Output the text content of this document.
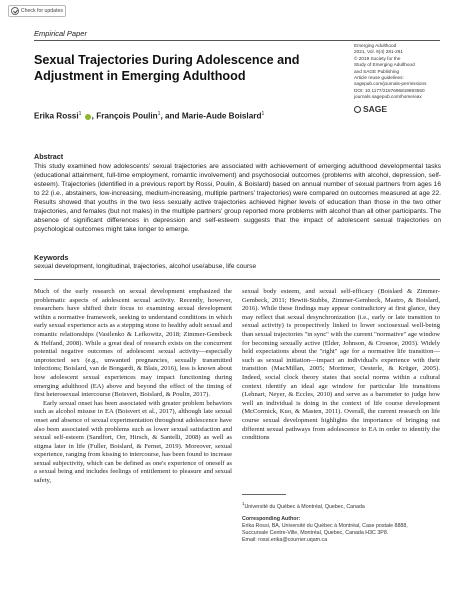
Check for updates
Empirical Paper
Sexual Trajectories During Adolescence and Adjustment in Emerging Adulthood
Emerging Adulthood
2021, Vol. 9(4) 281-291
© 2019 Society for the
Study of Emerging Adulthood
and SAGE Publishing
Article reuse guidelines:
sagepub.com/journals-permissions
DOI: 10.1177/2167696819893550
journals.sagepub.com/home/eax
SAGE
Erika Rossi$^1$ , François Poulin$^1$, and Marie-Aude Boislard$^1$
Abstract
This study examined how adolescents' sexual trajectories are associated with achievement of emerging adulthood developmental tasks (educational attainment, full-time employment, romantic involvement) and psychosocial outcomes (problems with alcohol, depression, self-esteem). Trajectories (identified in a previous report by Rossi, Poulin, & Boislard) based on annual number of sexual partners from ages 16 to 22 (i.e., abstainers, low-increasing, medium-increasing, multiple partners' trajectories) were compared on outcomes measured at age 22. Results showed that youths in the two less sexually active trajectories achieved higher levels of education than those in the two other trajectories, and females (but not males) in the multiple partners' group reported more problems with alcohol than all other participants. The absence of significant differences in depression and self-esteem suggests that the impact of adolescent sexual trajectories on psychological outcomes might take longer to emerge.
Keywords
sexual development, longitudinal, trajectories, alcohol use/abuse, life course

Much of the early research on sexual development emphasized the problematic aspects of adolescent sexual activity. Recently, however, researchers have shifted their focus to examining sexual development within a normative framework, seeking to understand conditions in which early sexual experience acts as a stepping stone to healthy adult sexual and romantic relationships (Vasilenko & Lefkowitz, 2018; Zimmer-Gembeck & Helfand, 2008). While a great deal of research exists on the concurrent potential negative outcomes of adolescent sexual activity—especially unprotected sex (e.g., unwanted pregnancies, sexually transmitted infections; Boislard, van de Bongardt, & Blais, 2016), less is known about how adolescent sexual experiences may impact functioning during emerging adulthood (EA) above and beyond the effect of the timing of first heterosexual intercourse (Boisvert, Boislard, & Poulin, 2017).

Early sexual onset has been associated with greater problem behaviors such as alcohol misuse in EA (Boisvert et al., 2017), although late sexual onset and absence of sexual experimentation throughout adolescence have also been associated with problems such as lower sexual satisfaction and sexual self-esteem (Sandfort, Orr, Hirsch, & Santelli, 2008) as well as stigma later in life (Fuller, Boislard, & Fernet, 2019). Moreover, sexual experience, ranging from kissing to intercourse, has been found to increase sexual subjectivity, which can be defined as one's experience of oneself as a sexual being and includes feelings of entitlement to pleasure and sexual safety,

sexual body esteem, and sexual self-efficacy (Boislard & Zimmer-Gembeck, 2011; Hewitt-Stubbs, Zimmer-Gembeck, Mastro, & Boislard, 2016). While these findings may appear contradictory at first glance, they may reflect that sexual desynchronization (i.e., early or late transition to sexual activity) is prospectively linked to lower sociosexual well-being than sexual trajectories "in sync" with the current "normative" age window for becoming sexually active (Elder, Johnson, & Crosnoe, 2003). Widely held expectations about the "right" age for a normative life transition—such as sexual initiation—impact an individual's experience with their transition (MacMillan, 2005; Mortimer, Oesterle, & Krüger, 2005). Indeed, social clock theory states that social norms within a cultural context identify an ideal age window for particular life transitions (Lehnart, Neyer, & Eccles, 2010) and serve as a barometer to judge how well an individual is doing in the context of life course development (McCormick, Kuo, & Masten, 2011). Overall, the current research on life course sexual development highlights the importance of bringing out different sexual pathways from adolescence to EA in order to identify the conditions

$^1$Université du Québec à Montréal, Quebec, Canada
Corresponding Author:
Erika Rossi, BA, Université du Québec à Montréal, Case postale 8888,
Succursale Centre-Ville, Montréal, Quebec, Canada H3C 3P8.
Email: rossi.erika@courrier.uqam.ca
